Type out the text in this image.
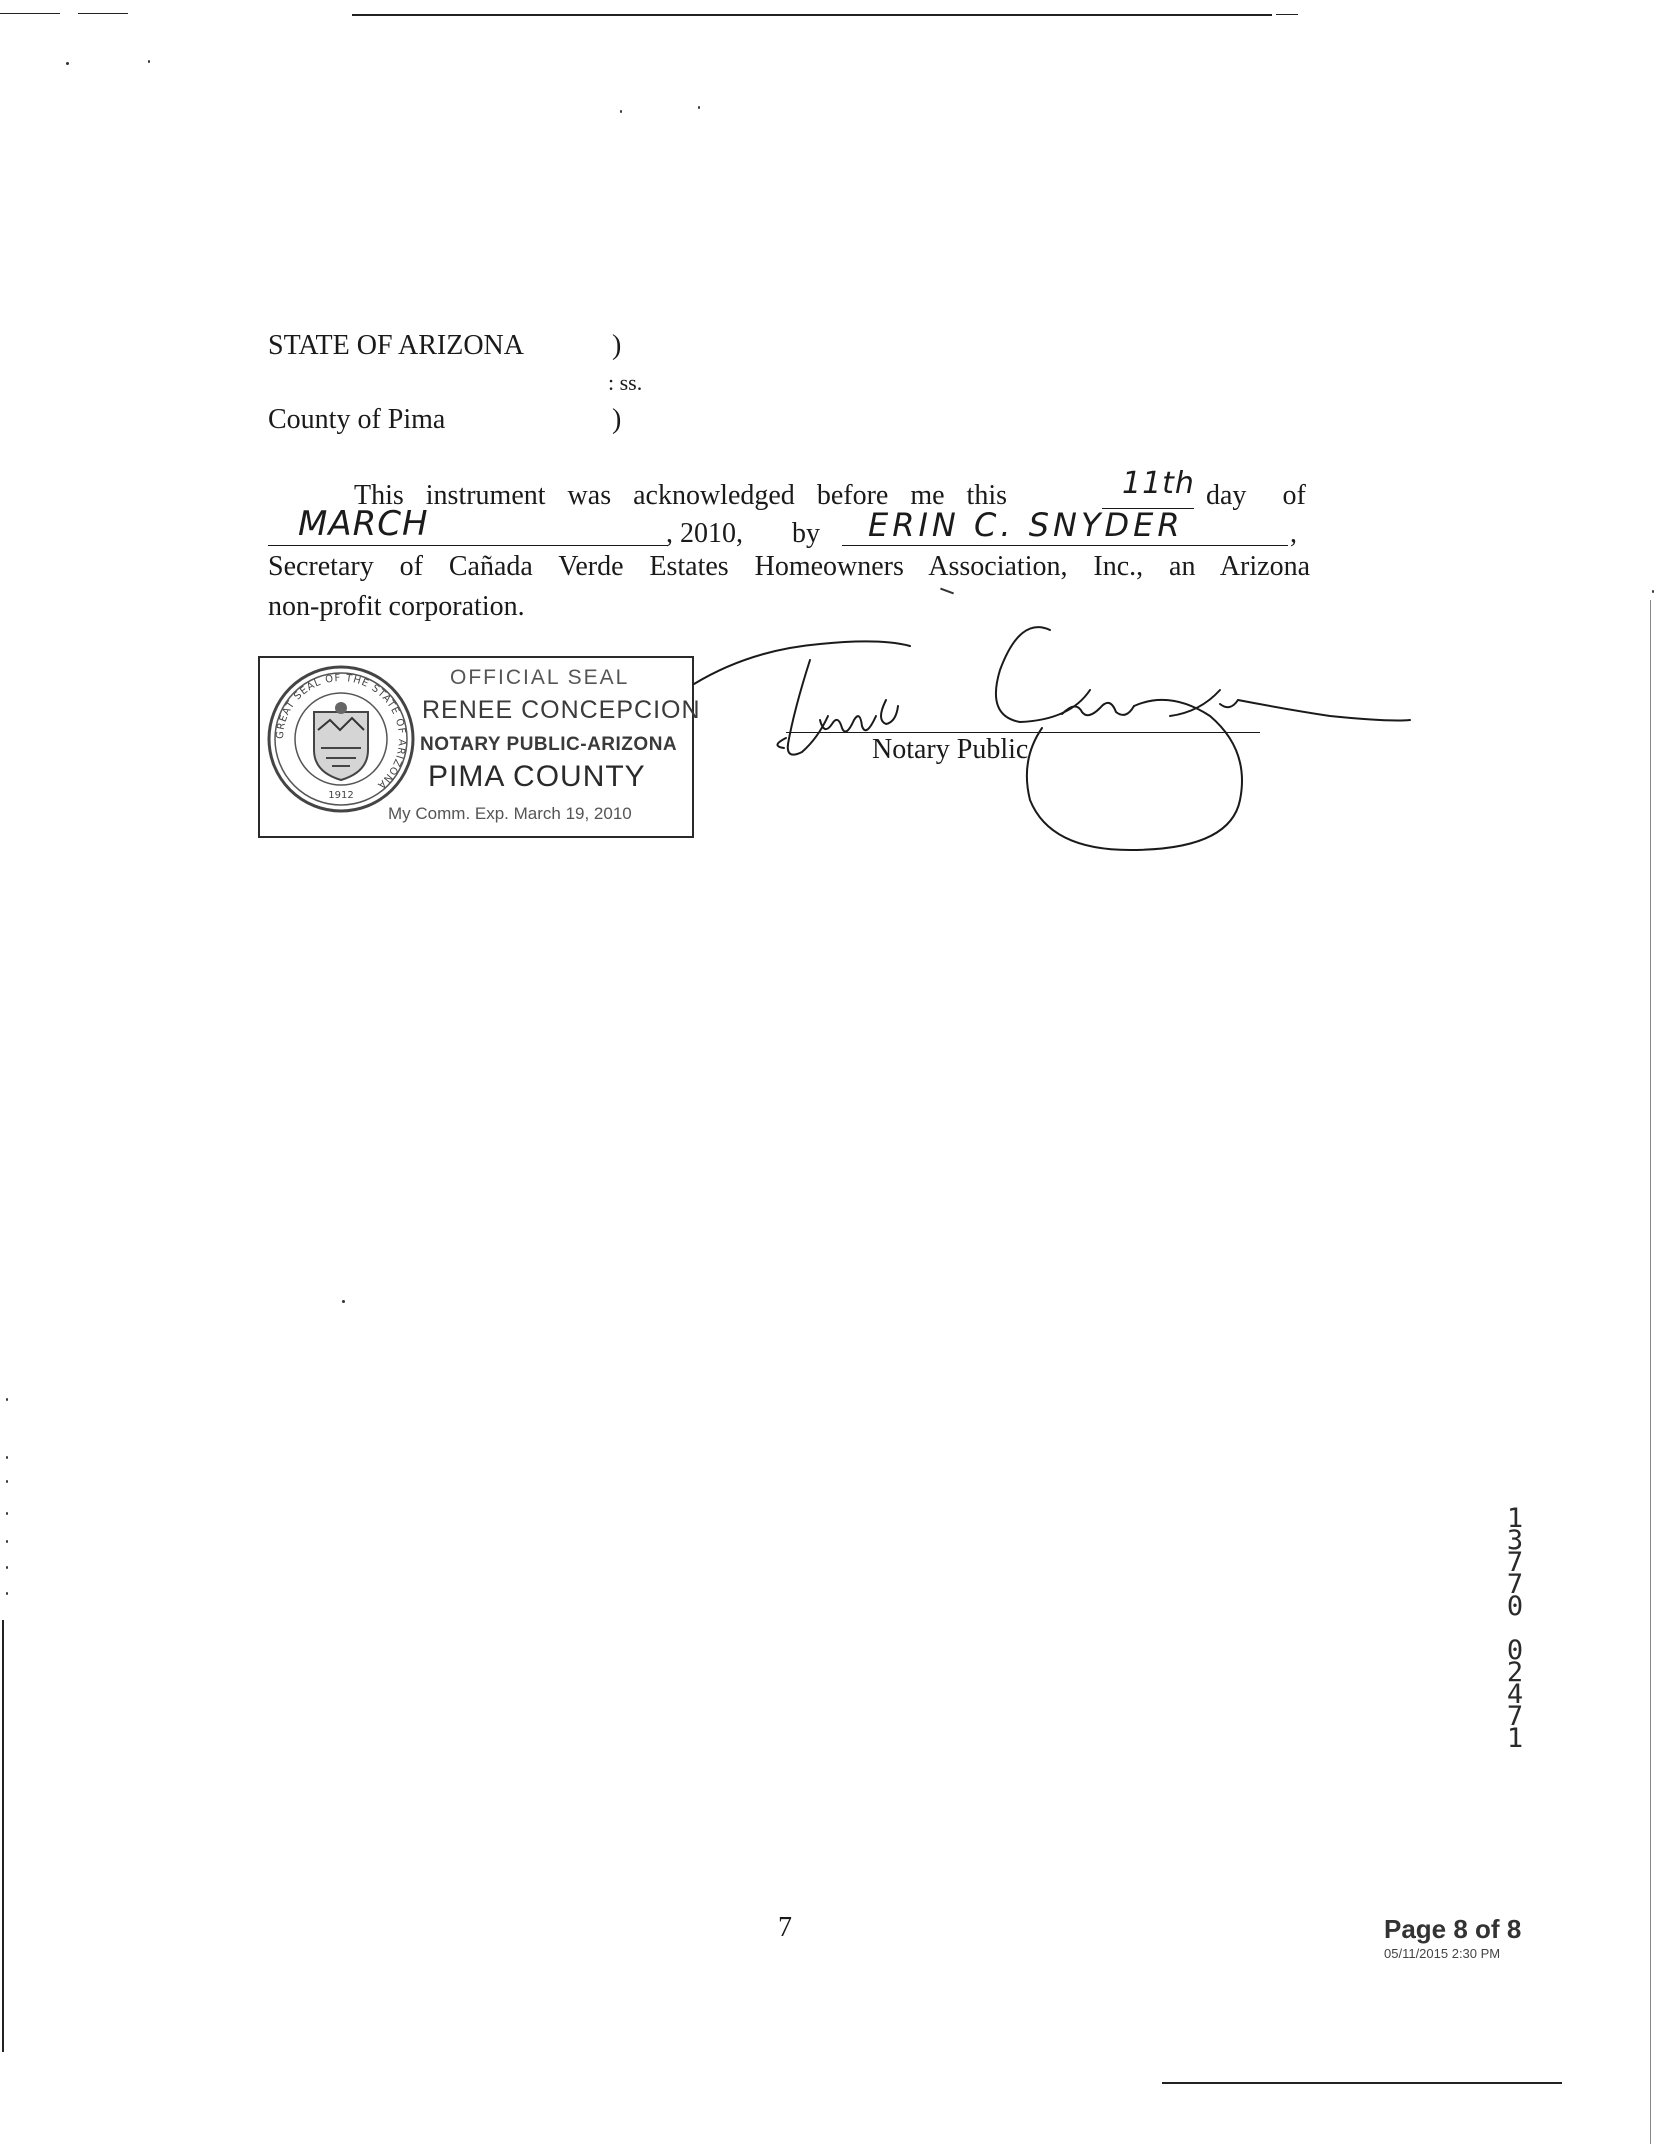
STATE OF ARIZONA	)
: ss.
County of Pima	)
This instrument was acknowledged before me this	11th day of
MARCH	, 2010, by ERIN C. SNYDER	,
Secretary of Cañada Verde Estates Homeowners Association, Inc., an Arizona
non-profit corporation.
GREAT SEAL OF THE STATE OF ARIZONA
1912
OFFICIAL SEAL
RENEE CONCEPCION
NOTARY PUBLIC-ARIZONA
PIMA COUNTY
My Comm. Exp. March 19, 2010
Notary Public
7
1
3
7
7
0

0
2
4
7
1
Page 8 of 8
05/11/2015 2:30 PM
